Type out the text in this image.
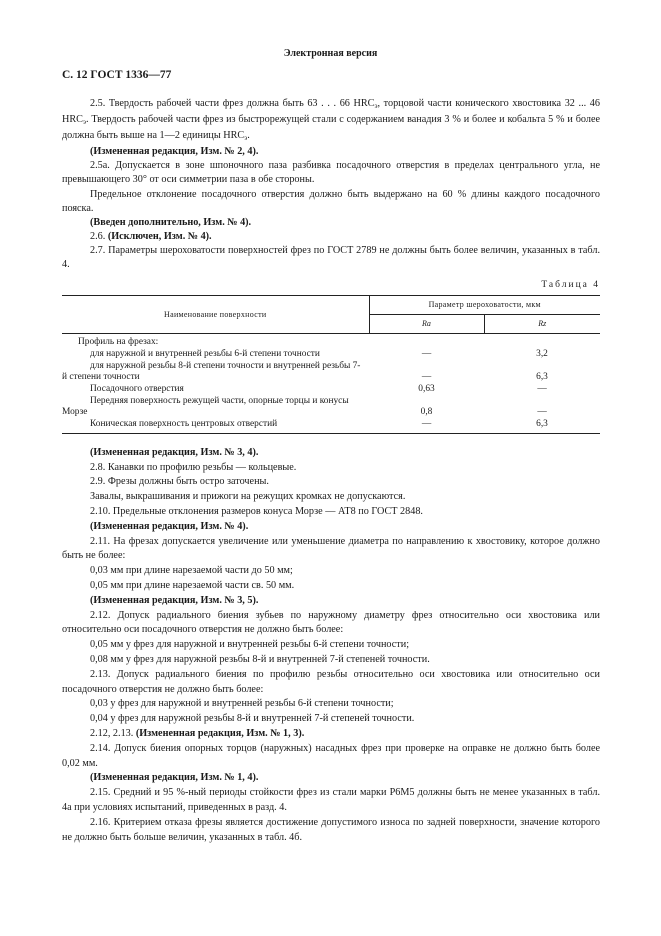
Электронная версия
С. 12 ГОСТ 1336—77

2.5. Твердость рабочей части фрез должна быть 63 . . . 66 $HRC_э$, торцовой части конического хвостовика 32 ... 46 $HRC_э$. Твердость рабочей части фрез из быстрорежущей стали с содержанием ванадия 3 % и более и кобальта 5 % и более должна быть выше на 1—2 единицы $HRC_э$.

(Измененная редакция, Изм. № 2, 4).

2.5а. Допускается в зоне шпоночного паза разбивка посадочного отверстия в пределах центрального угла, не превышающего 30° от оси симметрии паза в обе стороны.

Предельное отклонение посадочного отверстия должно быть выдержано на 60 % длины каждого посадочного пояска.

(Введен дополнительно, Изм. № 4).

2.6. (Исключен, Изм. № 4).

2.7. Параметры шероховатости поверхностей фрез по ГОСТ 2789 не должны быть более величин, указанных в табл. 4.

Таблица 4
Наименование поверхности	Параметр шероховатости, мкм	
	Ra	Rz
Профиль на фрезах:		
для наружной и внутренней резьбы 6-й степени точности	—	3,2
для наружной резьбы 8-й степени точности и внутренней резьбы 7-й степени точности	—	6,3
Посадочного отверстия	0,63	—
Передняя поверхность режущей части, опорные торцы и конусы Морзе	0,8	—
Коническая поверхность центровых отверстий	—	6,3

(Измененная редакция, Изм. № 3, 4).

2.8. Канавки по профилю резьбы — кольцевые.

2.9. Фрезы должны быть остро заточены.

Завалы, выкрашивания и прижоги на режущих кромках не допускаются.

2.10. Предельные отклонения размеров конуса Морзе — АТ8 по ГОСТ 2848.

(Измененная редакция, Изм. № 4).

2.11. На фрезах допускается увеличение или уменьшение диаметра по направлению к хвостовику, которое должно быть не более:

0,03 мм при длине нарезаемой части до 50 мм;

0,05 мм при длине нарезаемой части св. 50 мм.

(Измененная редакция, Изм. № 3, 5).

2.12. Допуск радиального биения зубьев по наружному диаметру фрез относительно оси хвостовика или относительно оси посадочного отверстия не должно быть более:

0,05 мм у фрез для наружной и внутренней резьбы 6-й степени точности;

0,08 мм у фрез для наружной резьбы 8-й и внутренней 7-й степеней точности.

2.13. Допуск радиального биения по профилю резьбы относительно оси хвостовика или относительно оси посадочного отверстия не должно быть более:

0,03 у фрез для наружной и внутренней резьбы 6-й степени точности;

0,04 у фрез для наружной резьбы 8-й и внутренней 7-й степеней точности.

2.12, 2.13. (Измененная редакция, Изм. № 1, 3).

2.14. Допуск биения опорных торцов (наружных) насадных фрез при проверке на оправке не должно быть более 0,02 мм.

(Измененная редакция, Изм. № 1, 4).

2.15. Средний и 95 %-ный периоды стойкости фрез из стали марки Р6М5 должны быть не менее указанных в табл. 4а при условиях испытаний, приведенных в разд. 4.

2.16. Критерием отказа фрезы является достижение допустимого износа по задней поверхности, значение которого не должно быть больше величин, указанных в табл. 4б.
